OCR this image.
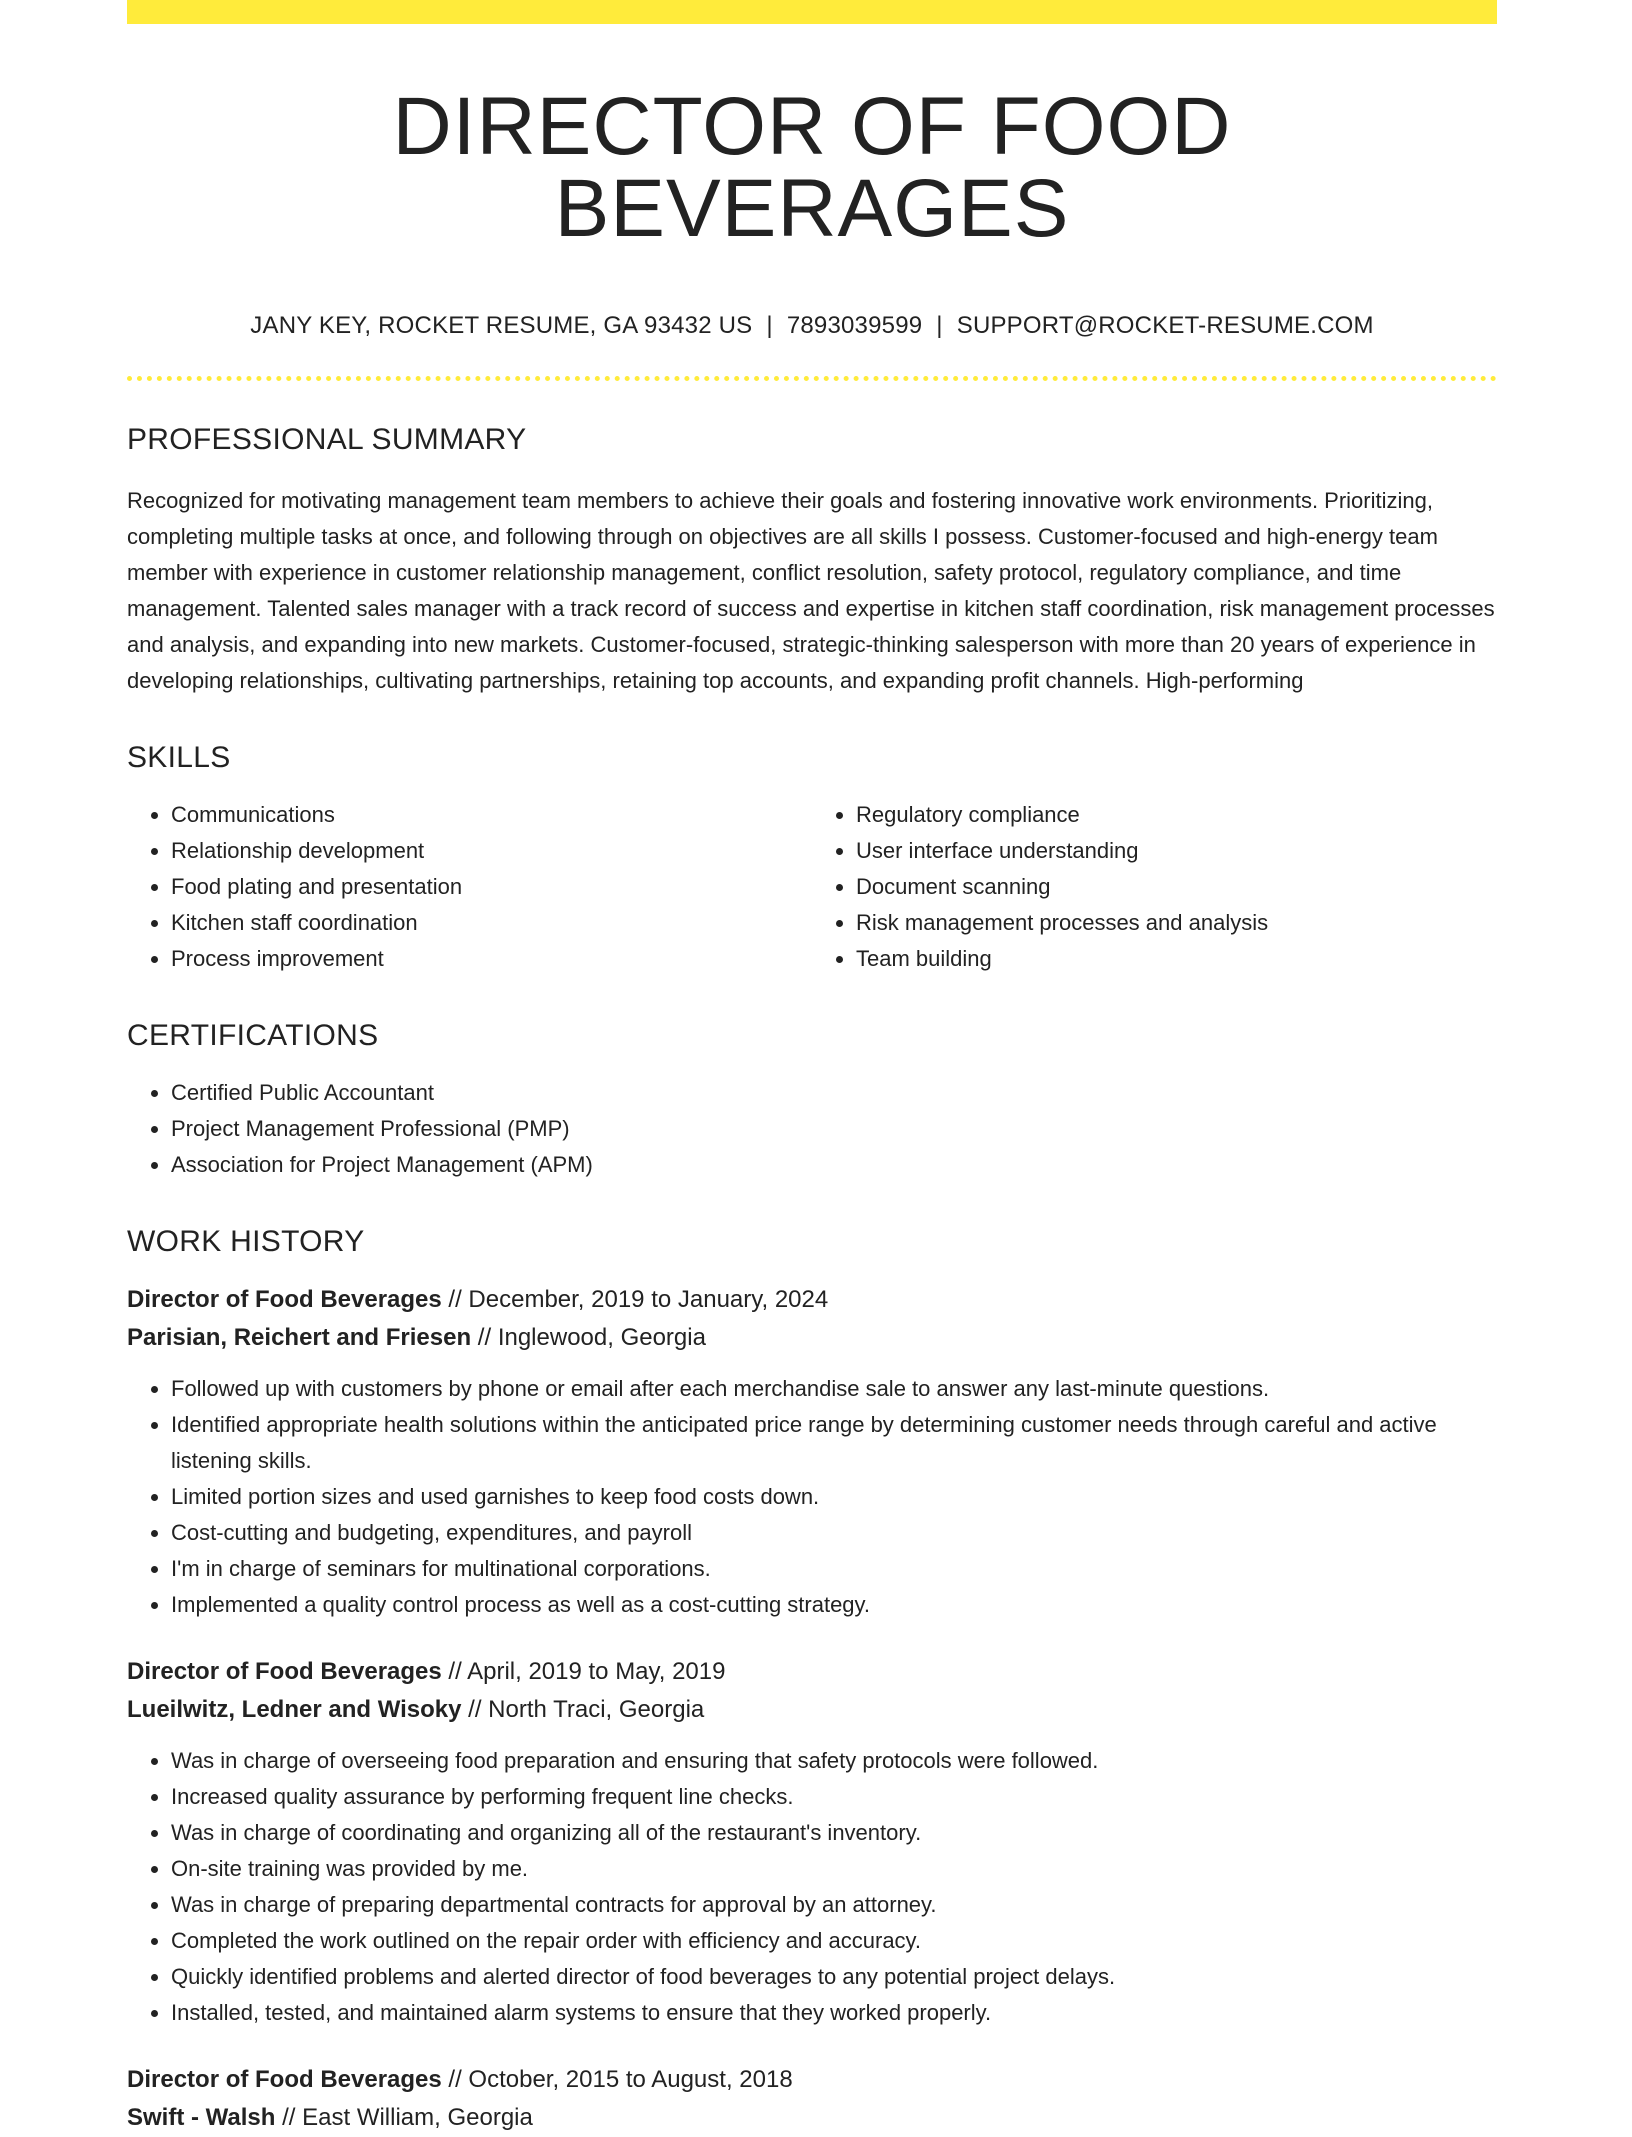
DIRECTOR OF FOOD BEVERAGES
JANY KEY, ROCKET RESUME, GA 93432 US | 7893039599 | SUPPORT@ROCKET-RESUME.COM
PROFESSIONAL SUMMARY
Recognized for motivating management team members to achieve their goals and fostering innovative work environments. Prioritizing, completing multiple tasks at once, and following through on objectives are all skills I possess. Customer-focused and high-energy team member with experience in customer relationship management, conflict resolution, safety protocol, regulatory compliance, and time management. Talented sales manager with a track record of success and expertise in kitchen staff coordination, risk management processes and analysis, and expanding into new markets. Customer-focused, strategic-thinking salesperson with more than 20 years of experience in developing relationships, cultivating partnerships, retaining top accounts, and expanding profit channels. High-performing
SKILLS
• Communications
• Relationship development
• Food plating and presentation
• Kitchen staff coordination
• Process improvement
• Regulatory compliance
• User interface understanding
• Document scanning
• Risk management processes and analysis
• Team building
CERTIFICATIONS
• Certified Public Accountant
• Project Management Professional (PMP)
• Association for Project Management (APM)
WORK HISTORY
Director of Food Beverages // December, 2019 to January, 2024
Parisian, Reichert and Friesen // Inglewood, Georgia
• Followed up with customers by phone or email after each merchandise sale to answer any last-minute questions.
• Identified appropriate health solutions within the anticipated price range by determining customer needs through careful and active listening skills.
• Limited portion sizes and used garnishes to keep food costs down.
• Cost-cutting and budgeting, expenditures, and payroll
• I'm in charge of seminars for multinational corporations.
• Implemented a quality control process as well as a cost-cutting strategy.
Director of Food Beverages // April, 2019 to May, 2019
Lueilwitz, Ledner and Wisoky // North Traci, Georgia
• Was in charge of overseeing food preparation and ensuring that safety protocols were followed.
• Increased quality assurance by performing frequent line checks.
• Was in charge of coordinating and organizing all of the restaurant's inventory.
• On-site training was provided by me.
• Was in charge of preparing departmental contracts for approval by an attorney.
• Completed the work outlined on the repair order with efficiency and accuracy.
• Quickly identified problems and alerted director of food beverages to any potential project delays.
• Installed, tested, and maintained alarm systems to ensure that they worked properly.
Director of Food Beverages // October, 2015 to August, 2018
Swift - Walsh // East William, Georgia
